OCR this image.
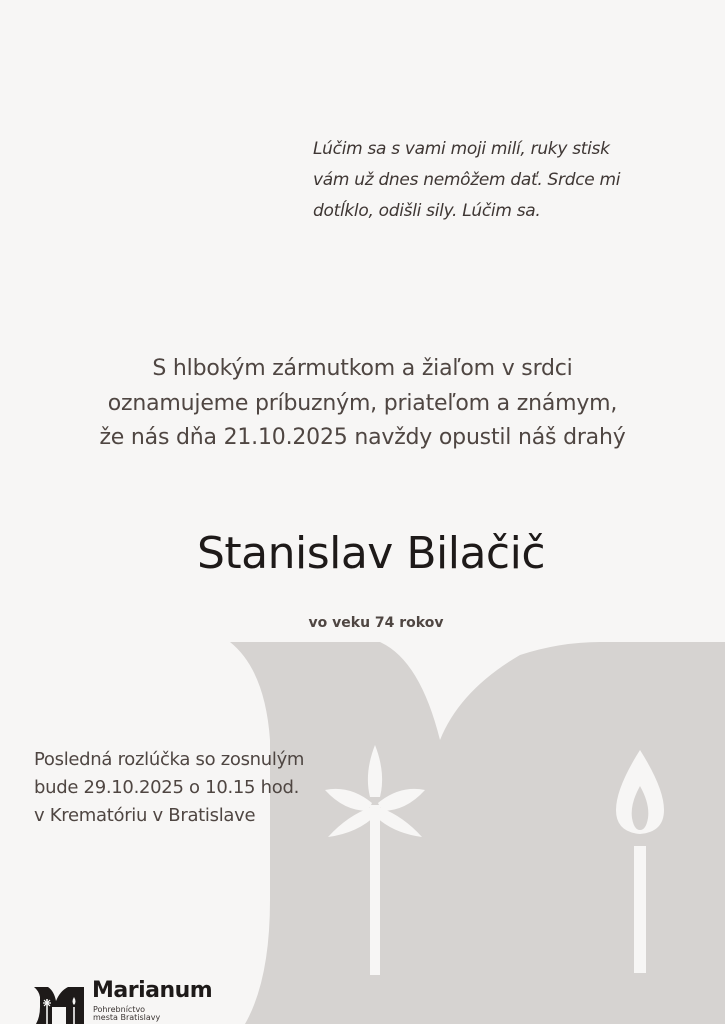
Lúčim sa s vami moji milí, ruky stisk
vám už dnes nemôžem dať. Srdce mi
dotĺklo, odišli sily. Lúčim sa.
S hlbokým zármutkom a žiaľom v srdci
oznamujeme príbuzným, priateľom a známym,
že nás dňa 21.10.2025 navždy opustil náš drahý
Stanislav Bilačič
vo veku 74 rokov
Posledná rozlúčka so zosnulým
bude 29.10.2025 o 10.15 hod.
v Krematóriu v Bratislave
Marianum
Pohrebníctvo
mesta Bratislavy
